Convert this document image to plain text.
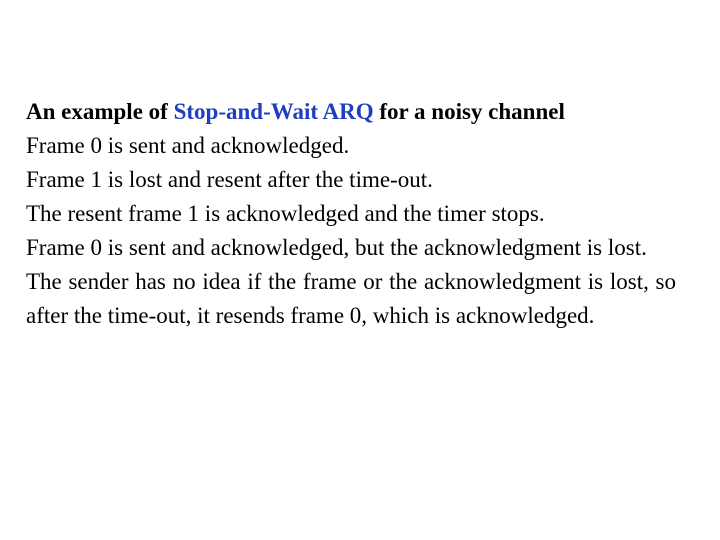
An example of Stop-and-Wait ARQ for a noisy channel

Frame 0 is sent and acknowledged.

Frame 1 is lost and resent after the time-out.

The resent frame 1 is acknowledged and the timer stops.

Frame 0 is sent and acknowledged, but the acknowledgment is lost.

The sender has no idea if the frame or the acknowledgment is lost, so after the time-out, it resends frame 0, which is acknowledged.
